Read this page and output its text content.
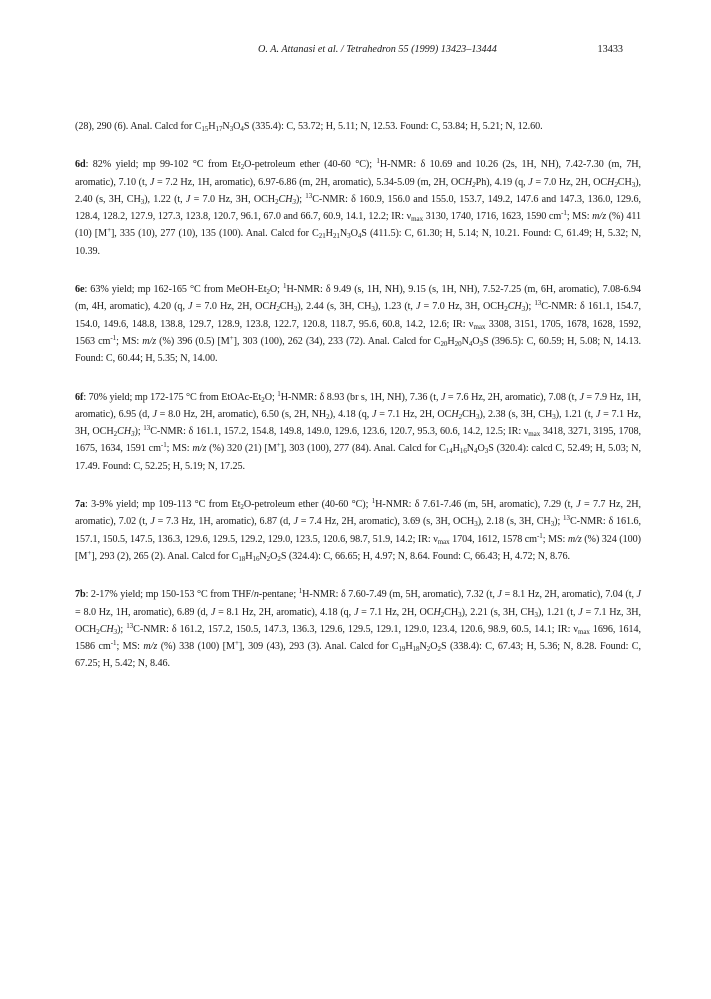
O. A. Attanasi et al. / Tetrahedron 55 (1999) 13423–13444	13433

(28), 290 (6). Anal. Calcd for $C_{15}H_{17}N_3O_4S$ (335.4): C, 53.72; H, 5.11; N, 12.53. Found: C, 53.84; H, 5.21; N, 12.60.

6d: 82% yield; mp 99-102 °C from $Et_2O$-petroleum ether (40-60 °C); $^1$H-NMR: δ 10.69 and 10.26 (2s, 1H, NH), 7.42-7.30 (m, 7H, aromatic), 7.10 (t, J = 7.2 Hz, 1H, aromatic), 6.97-6.86 (m, 2H, aromatic), 5.34-5.09 (m, 2H, $OCH_2Ph$), 4.19 (q, J = 7.0 Hz, 2H, $OCH_2CH_3$), 2.40 (s, 3H, $CH_3$), 1.22 (t, J = 7.0 Hz, 3H, $OCH_2CH_3$); $^{13}$C-NMR: δ 160.9, 156.0 and 155.0, 153.7, 149.2, 147.6 and 147.3, 136.0, 129.6, 128.4, 128.2, 127.9, 127.3, 123.8, 120.7, 96.1, 67.0 and 66.7, 60.9, 14.1, 12.2; IR: $\nu_{max}$ 3130, 1740, 1716, 1623, 1590 $cm^{-1}$; MS: m/z (%) 411 (10) [M+], 335 (10), 277 (10), 135 (100). Anal. Calcd for $C_{21}H_{21}N_3O_4S$ (411.5): C, 61.30; H, 5.14; N, 10.21. Found: C, 61.49; H, 5.32; N, 10.39.

6e: 63% yield; mp 162-165 °C from MeOH-$Et_2O$; $^1$H-NMR: δ 9.49 (s, 1H, NH), 9.15 (s, 1H, NH), 7.52-7.25 (m, 6H, aromatic), 7.08-6.94 (m, 4H, aromatic), 4.20 (q, J = 7.0 Hz, 2H, $OCH_2CH_3$), 2.44 (s, 3H, $CH_3$), 1.23 (t, J = 7.0 Hz, 3H, $OCH_2CH_3$); $^{13}$C-NMR: δ 161.1, 154.7, 154.0, 149.6, 148.8, 138.8, 129.7, 128.9, 123.8, 122.7, 120.8, 118.7, 95.6, 60.8, 14.2, 12.6; IR: $\nu_{max}$ 3308, 3151, 1705, 1678, 1628, 1592, 1563 $cm^{-1}$; MS: m/z (%) 396 (0.5) [M+], 303 (100), 262 (34), 233 (72). Anal. Calcd for $C_{20}H_{20}N_4O_3S$ (396.5): C, 60.59; H, 5.08; N, 14.13. Found: C, 60.44; H, 5.35; N, 14.00.

6f: 70% yield; mp 172-175 °C from EtOAc-$Et_2O$; $^1$H-NMR: δ 8.93 (br s, 1H, NH), 7.36 (t, J = 7.6 Hz, 2H, aromatic), 7.08 (t, J = 7.9 Hz, 1H, aromatic), 6.95 (d, J = 8.0 Hz, 2H, aromatic), 6.50 (s, 2H, $NH_2$), 4.18 (q, J = 7.1 Hz, 2H, $OCH_2CH_3$), 2.38 (s, 3H, $CH_3$), 1.21 (t, J = 7.1 Hz, 3H, $OCH_2CH_3$); $^{13}$C-NMR: δ 161.1, 157.2, 154.8, 149.8, 149.0, 129.6, 123.6, 120.7, 95.3, 60.6, 14.2, 12.5; IR: $\nu_{max}$ 3418, 3271, 3195, 1708, 1675, 1634, 1591 $cm^{-1}$; MS: m/z (%) 320 (21) [M+], 303 (100), 277 (84). Anal. Calcd for $C_{14}H_{16}N_4O_3S$ (320.4): calcd C, 52.49; H, 5.03; N, 17.49. Found: C, 52.25; H, 5.19; N, 17.25.

7a: 3-9% yield; mp 109-113 °C from $Et_2O$-petroleum ether (40-60 °C); $^1$H-NMR: δ 7.61-7.46 (m, 5H, aromatic), 7.29 (t, J = 7.7 Hz, 2H, aromatic), 7.02 (t, J = 7.3 Hz, 1H, aromatic), 6.87 (d, J = 7.4 Hz, 2H, aromatic), 3.69 (s, 3H, $OCH_3$), 2.18 (s, 3H, $CH_3$); $^{13}$C-NMR: δ 161.6, 157.1, 150.5, 147.5, 136.3, 129.6, 129.5, 129.2, 129.0, 123.5, 120.6, 98.7, 51.9, 14.2; IR: $\nu_{max}$ 1704, 1612, 1578 $cm^{-1}$; MS: m/z (%) 324 (100) [M+], 293 (2), 265 (2). Anal. Calcd for $C_{18}H_{16}N_2O_2S$ (324.4): C, 66.65; H, 4.97; N, 8.64. Found: C, 66.43; H, 4.72; N, 8.76.

7b: 2-17% yield; mp 150-153 °C from THF/n-pentane; $^1$H-NMR: δ 7.60-7.49 (m, 5H, aromatic), 7.32 (t, J = 8.1 Hz, 2H, aromatic), 7.04 (t, J = 8.0 Hz, 1H, aromatic), 6.89 (d, J = 8.1 Hz, 2H, aromatic), 4.18 (q, J = 7.1 Hz, 2H, $OCH_2CH_3$), 2.21 (s, 3H, $CH_3$), 1.21 (t, J = 7.1 Hz, 3H, $OCH_2CH_3$); $^{13}$C-NMR: δ 161.2, 157.2, 150.5, 147.3, 136.3, 129.6, 129.5, 129.1, 129.0, 123.4, 120.6, 98.9, 60.5, 14.1; IR: $\nu_{max}$ 1696, 1614, 1586 $cm^{-1}$; MS: m/z (%) 338 (100) [M+], 309 (43), 293 (3). Anal. Calcd for $C_{19}H_{18}N_2O_2S$ (338.4): C, 67.43; H, 5.36; N, 8.28. Found: C, 67.25; H, 5.42; N, 8.46.
